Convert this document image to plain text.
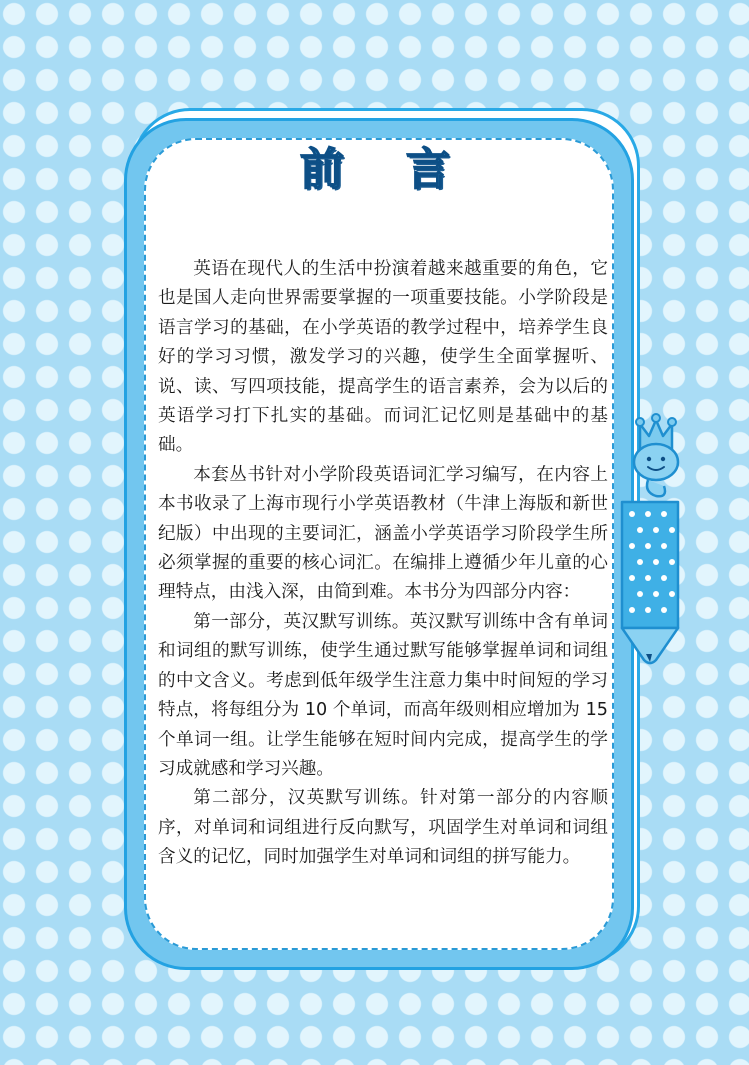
前 言

英语在现代人的生活中扮演着越来越重要的角色，它也是国人走向世界需要掌握的一项重要技能。小学阶段是语言学习的基础，在小学英语的教学过程中，培养学生良好的学习习惯，激发学习的兴趣，使学生全面掌握听、说、读、写四项技能，提高学生的语言素养，会为以后的英语学习打下扎实的基础。而词汇记忆则是基础中的基础。

本套丛书针对小学阶段英语词汇学习编写，在内容上本书收录了上海市现行小学英语教材（牛津上海版和新世纪版）中出现的主要词汇，涵盖小学英语学习阶段学生所必须掌握的重要的核心词汇。在编排上遵循少年儿童的心理特点，由浅入深，由简到难。本书分为四部分内容：

第一部分，英汉默写训练。英汉默写训练中含有单词和词组的默写训练，使学生通过默写能够掌握单词和词组的中文含义。考虑到低年级学生注意力集中时间短的学习特点，将每组分为 10 个单词，而高年级则相应增加为 15 个单词一组。让学生能够在短时间内完成，提高学生的学习成就感和学习兴趣。

第二部分，汉英默写训练。针对第一部分的内容顺序，对单词和词组进行反向默写，巩固学生对单词和词组含义的记忆，同时加强学生对单词和词组的拼写能力。
